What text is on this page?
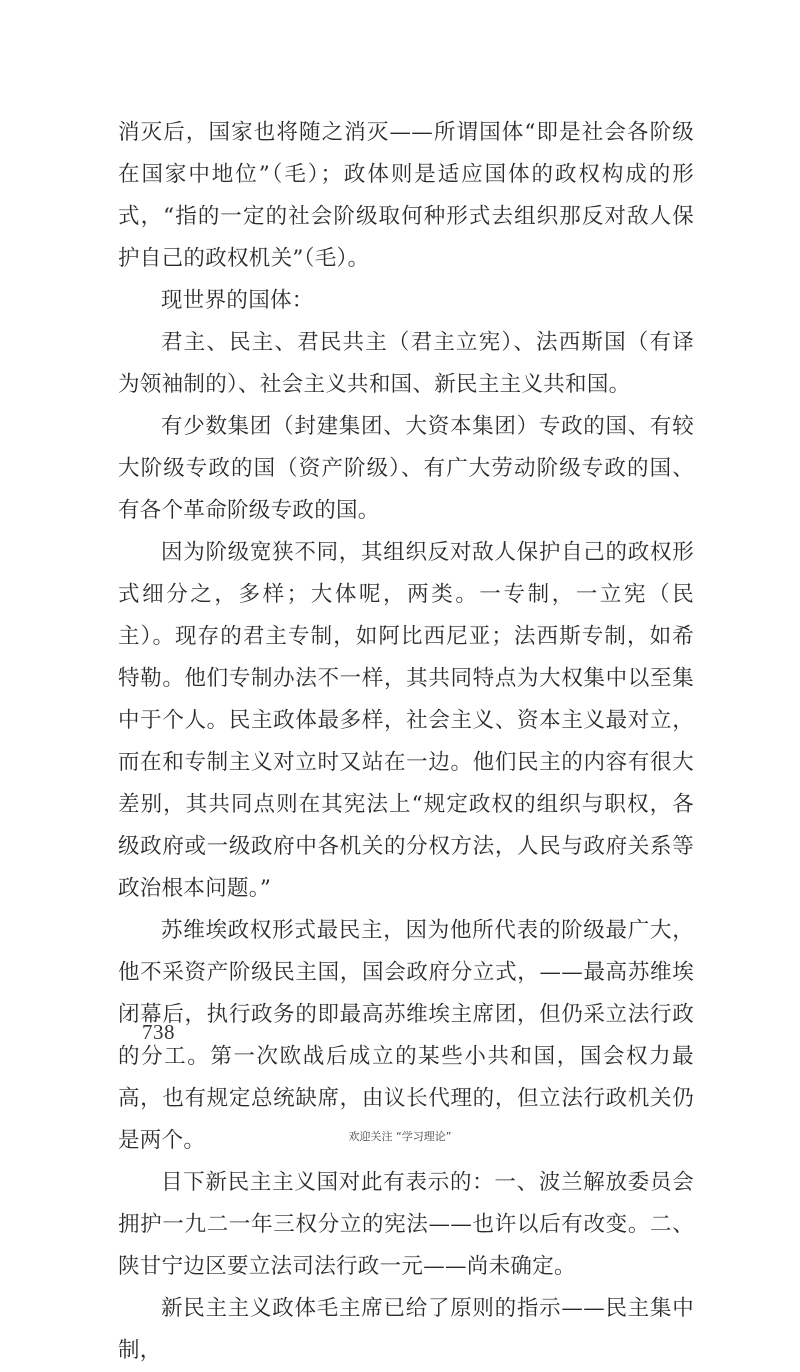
消灭后，国家也将随之消灭——所谓国体“即是社会各阶级在国家中地位”（毛）；政体则是适应国体的政权构成的形式，“指的一定的社会阶级取何种形式去组织那反对敌人保护自己的政权机关”（毛）。

现世界的国体：

君主、民主、君民共主（君主立宪）、法西斯国（有译为领袖制的）、社会主义共和国、新民主主义共和国。

有少数集团（封建集团、大资本集团）专政的国、有较大阶级专政的国（资产阶级）、有广大劳动阶级专政的国、有各个革命阶级专政的国。

因为阶级宽狭不同，其组织反对敌人保护自己的政权形式细分之，多样；大体呢，两类。一专制，一立宪（民主）。现存的君主专制，如阿比西尼亚；法西斯专制，如希特勒。他们专制办法不一样，其共同特点为大权集中以至集中于个人。民主政体最多样，社会主义、资本主义最对立，而在和专制主义对立时又站在一边。他们民主的内容有很大差别，其共同点则在其宪法上“规定政权的组织与职权，各级政府或一级政府中各机关的分权方法，人民与政府关系等政治根本问题。”

苏维埃政权形式最民主，因为他所代表的阶级最广大，他不采资产阶级民主国，国会政府分立式，——最高苏维埃闭幕后，执行政务的即最高苏维埃主席团，但仍采立法行政的分工。第一次欧战后成立的某些小共和国，国会权力最高，也有规定总统缺席，由议长代理的，但立法行政机关仍是两个。

目下新民主主义国对此有表示的：一、波兰解放委员会拥护一九二一年三权分立的宪法——也许以后有改变。二、陕甘宁边区要立法司法行政一元——尚未确定。

新民主主义政体毛主席已给了原则的指示——民主集中制，

738
欢迎关注 “学习理论”
